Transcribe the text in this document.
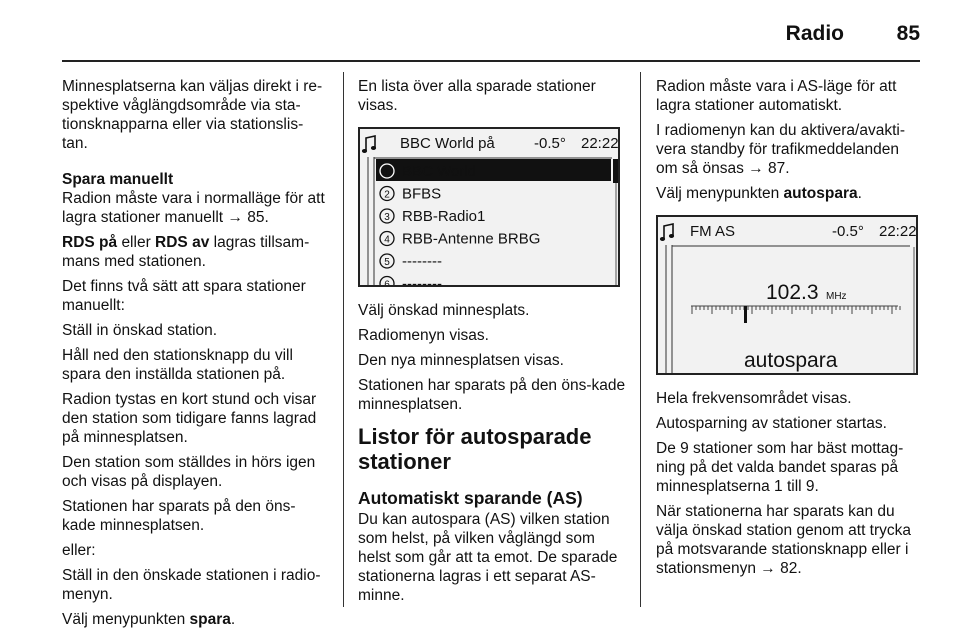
Radio	85

Minnesplatserna kan väljas direkt i re-spektive våglängdsområde via sta-tionsknapparna eller via stationslis-tan.

Spara manuellt

Radion måste vara i normalläge för att lagra stationer manuellt → 85.

RDS på eller RDS av lagras tillsam-mans med stationen.

Det finns två sätt att spara stationer manuellt:

Ställ in önskad station.

Håll ned den stationsknapp du vill spara den inställda stationen på.

Radion tystas en kort stund och visar den station som tidigare fanns lagrad på minnesplatsen.

Den station som ställdes in hörs igen och visas på displayen.

Stationen har sparats på den öns-kade minnesplatsen.

eller:

Ställ in den önskade stationen i radio-menyn.

Välj menypunkten spara.

En lista över alla sparade stationer visas.

BBC World på	-0.5° 22:22
1 BBC World
2 BFBS
3 RBB-Radio1
4 RBB-Antenne BRBG
5 --------
6 --------

Välj önskad minnesplats.

Radiomenyn visas.

Den nya minnesplatsen visas.

Stationen har sparats på den öns-kade minnesplatsen.

Listor för autosparade stationer
Automatiskt sparande (AS)

Du kan autospara (AS) vilken station som helst, på vilken våglängd som helst som går att ta emot. De sparade stationerna lagras i ett separat AS-minne.

Radion måste vara i AS-läge för att lagra stationer automatiskt.

I radiomenyn kan du aktivera/avakti-vera standby för trafikmeddelanden om så önsas → 87.

Välj menypunkten autospara.

FM AS	-0.5° 22:22
102.3 MHz
autospara

Hela frekvensområdet visas.

Autosparning av stationer startas.

De 9 stationer som har bäst mottag-ning på det valda bandet sparas på minnesplatserna 1 till 9.

När stationerna har sparats kan du välja önskad station genom att trycka på motsvarande stationsknapp eller i stationsmenyn → 82.
